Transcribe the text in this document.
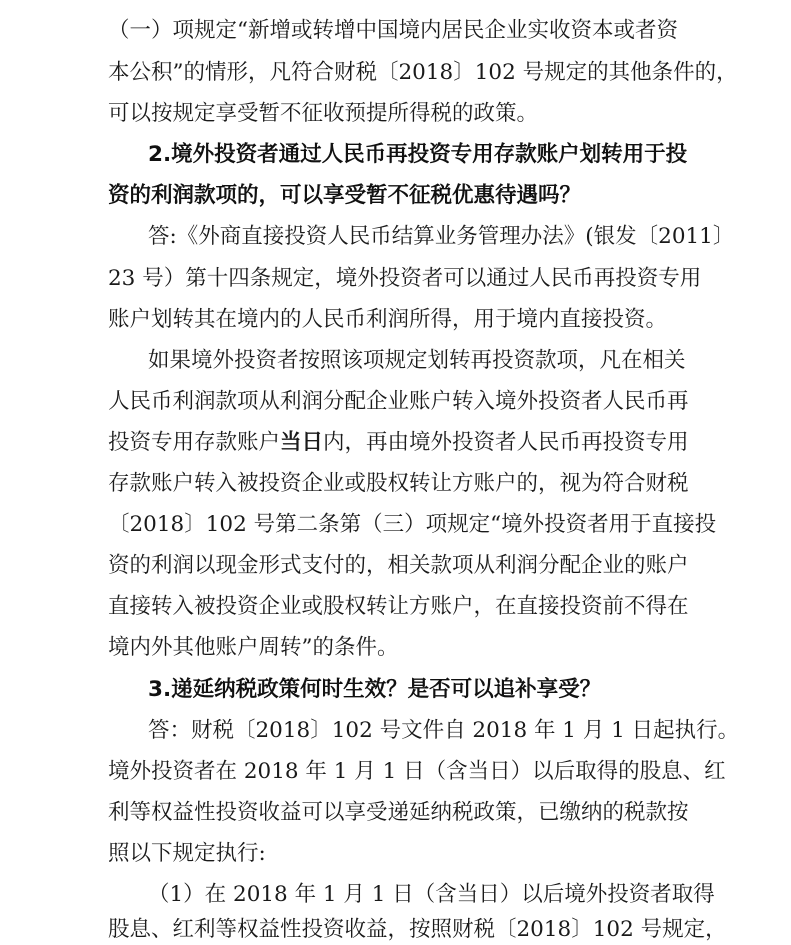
（一）项规定“新增或转增中国境内居民企业实收资本或者资
本公积”的情形，凡符合财税〔2018〕102 号规定的其他条件的，
可以按规定享受暂不征收预提所得税的政策。
2.境外投资者通过人民币再投资专用存款账户划转用于投
资的利润款项的，可以享受暂不征税优惠待遇吗？
答:《外商直接投资人民币结算业务管理办法》(银发〔2011〕
23 号）第十四条规定，境外投资者可以通过人民币再投资专用
账户划转其在境内的人民币利润所得，用于境内直接投资。
如果境外投资者按照该项规定划转再投资款项，凡在相关
人民币利润款项从利润分配企业账户转入境外投资者人民币再
投资专用存款账户当日内，再由境外投资者人民币再投资专用
存款账户转入被投资企业或股权转让方账户的，视为符合财税
〔2018〕102 号第二条第（三）项规定“境外投资者用于直接投
资的利润以现金形式支付的，相关款项从利润分配企业的账户
直接转入被投资企业或股权转让方账户，在直接投资前不得在
境内外其他账户周转”的条件。
3.递延纳税政策何时生效？是否可以追补享受？
答：财税〔2018〕102 号文件自 2018 年 1 月 1 日起执行。
境外投资者在 2018 年 1 月 1 日（含当日）以后取得的股息、红
利等权益性投资收益可以享受递延纳税政策，已缴纳的税款按
照以下规定执行:
（1）在 2018 年 1 月 1 日（含当日）以后境外投资者取得
股息、红利等权益性投资收益，按照财税〔2018〕102 号规定，
